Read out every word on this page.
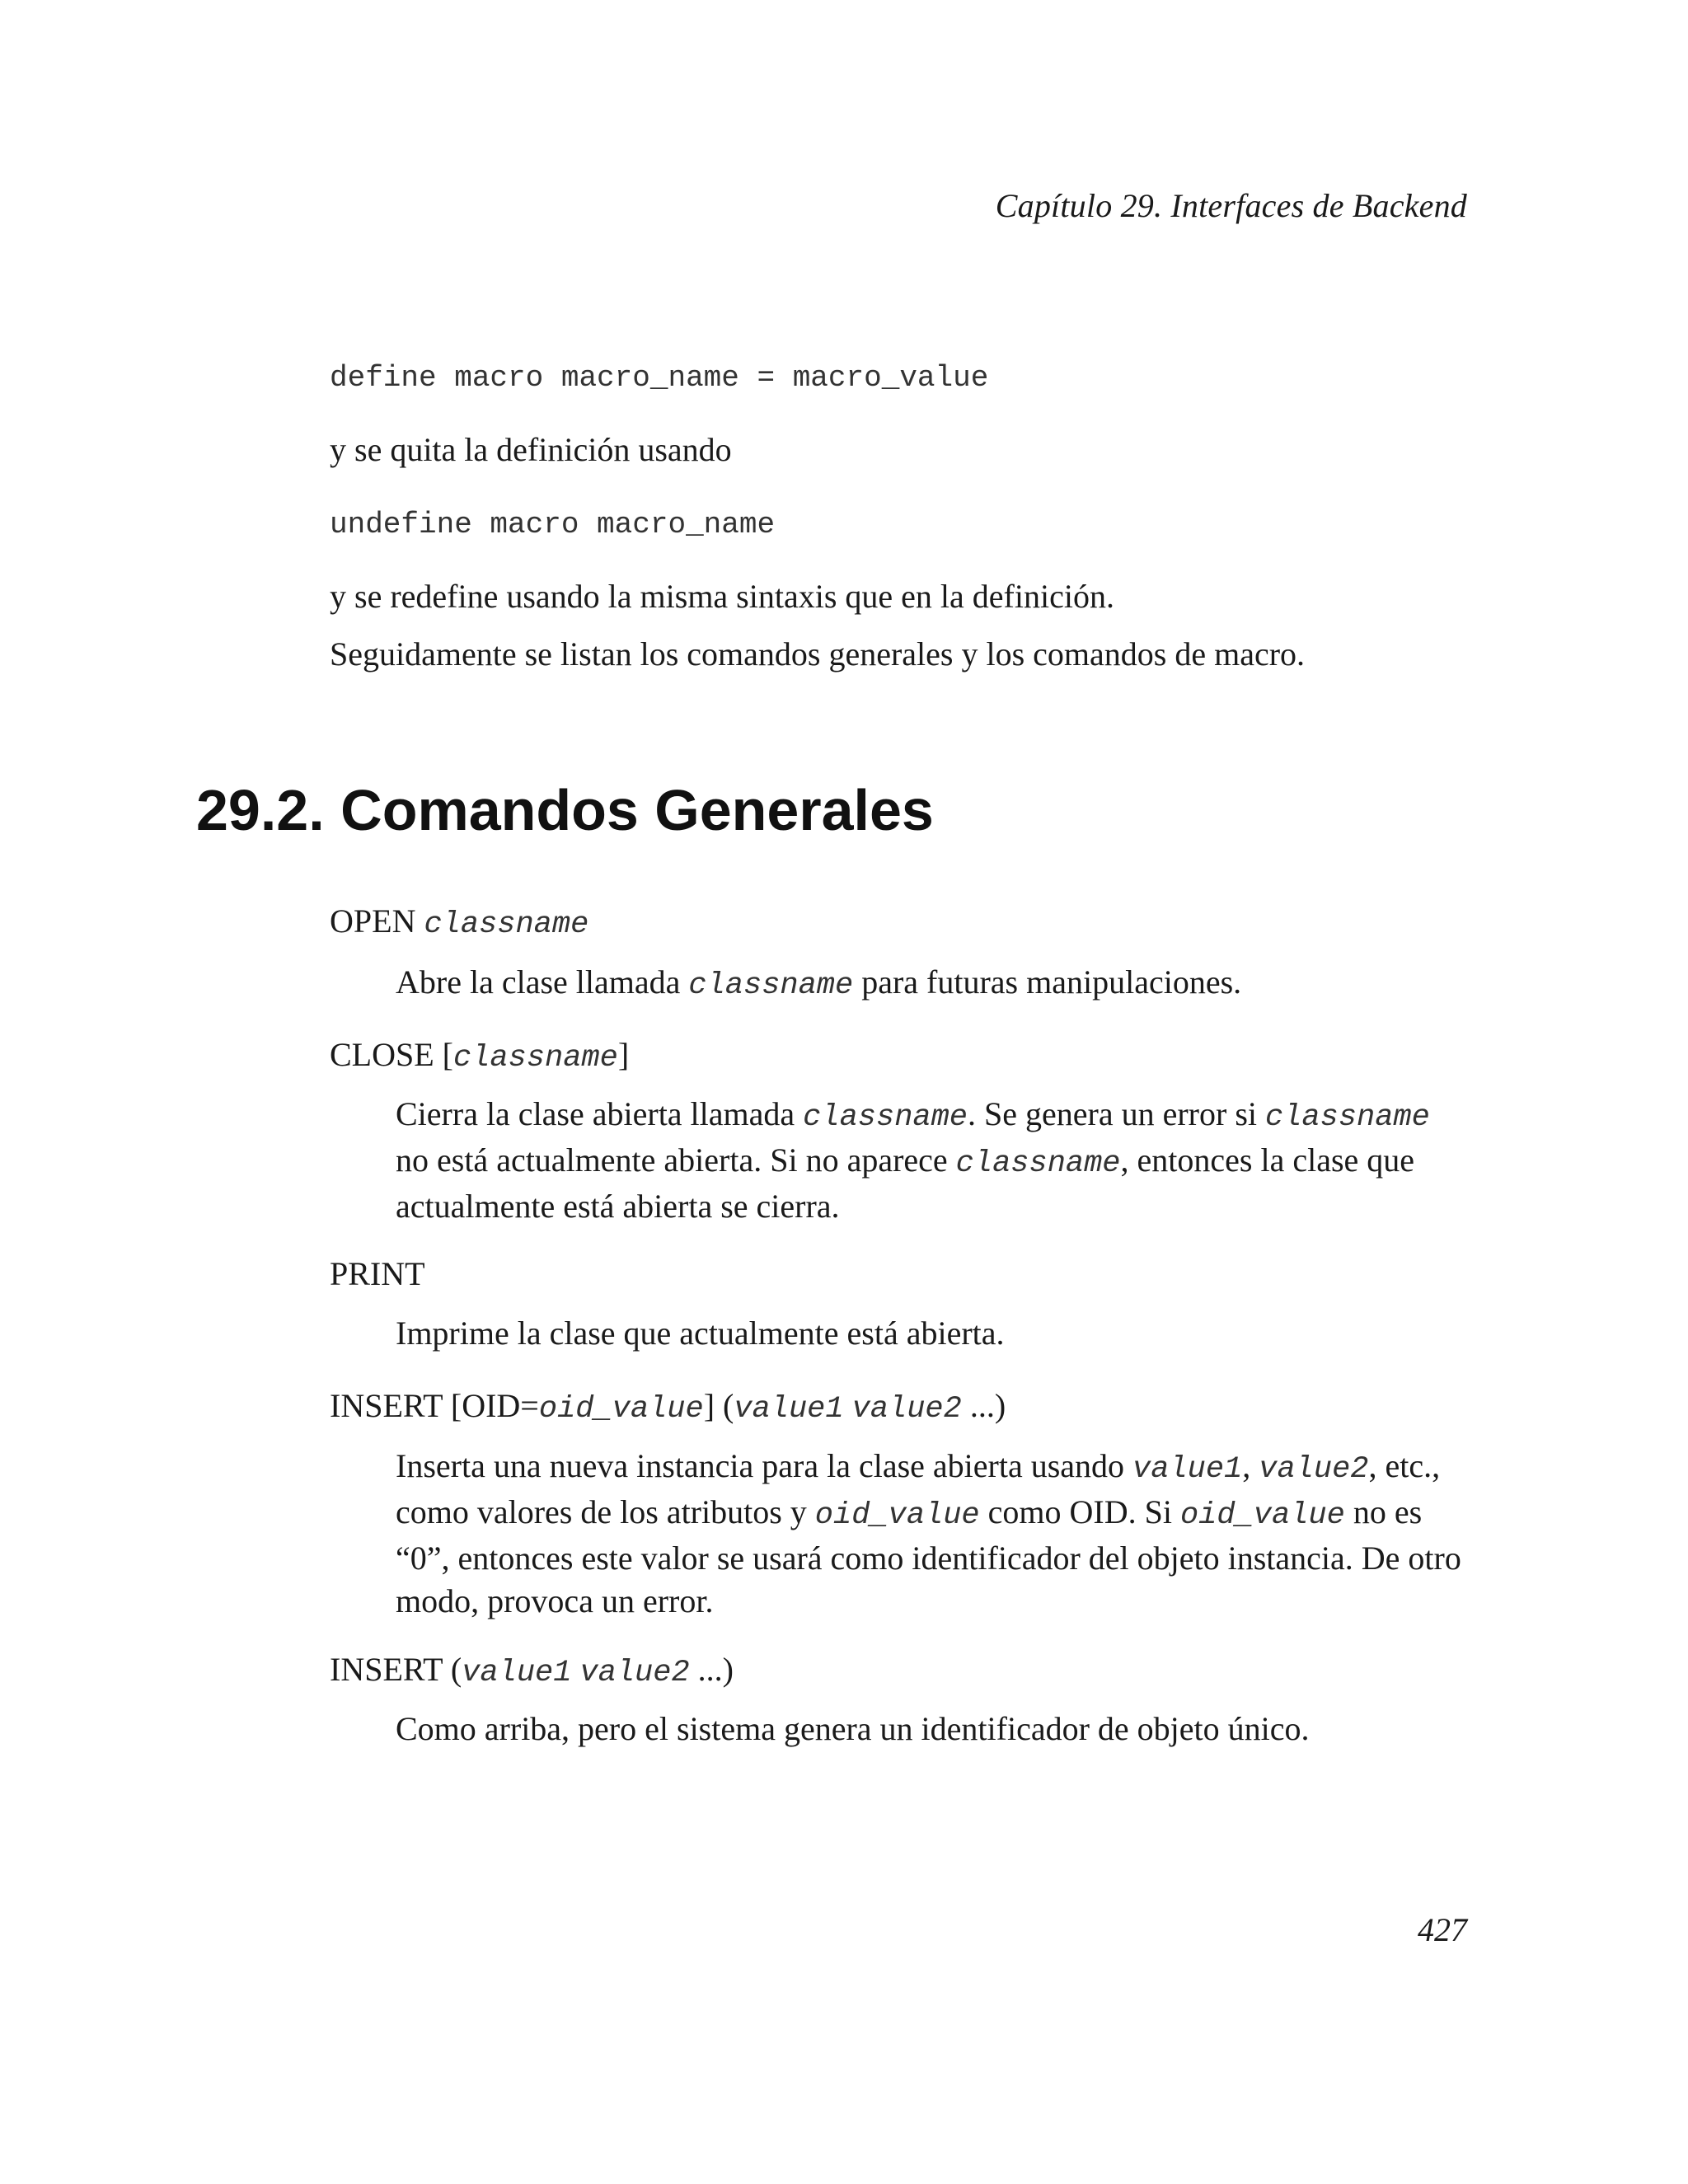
Capítulo 29. Interfaces de Backend
define macro macro_name = macro_value
y se quita la definición usando
undefine macro macro_name
y se redefine usando la misma sintaxis que en la definición.
Seguidamente se listan los comandos generales y los comandos de macro.
29.2. Comandos Generales
OPEN classname
Abre la clase llamada classname para futuras manipulaciones.
CLOSE [classname]
Cierra la clase abierta llamada classname. Se genera un error si classname no está actualmente abierta. Si no aparece classname, entonces la clase que actualmente está abierta se cierra.
PRINT
Imprime la clase que actualmente está abierta.
INSERT [OID=oid_value] (value1 value2 ...)
Inserta una nueva instancia para la clase abierta usando value1, value2, etc., como valores de los atributos y oid_value como OID. Si oid_value no es “0”, entonces este valor se usará como identificador del objeto instancia. De otro modo, provoca un error.
INSERT (value1 value2 ...)
Como arriba, pero el sistema genera un identificador de objeto único.
427
